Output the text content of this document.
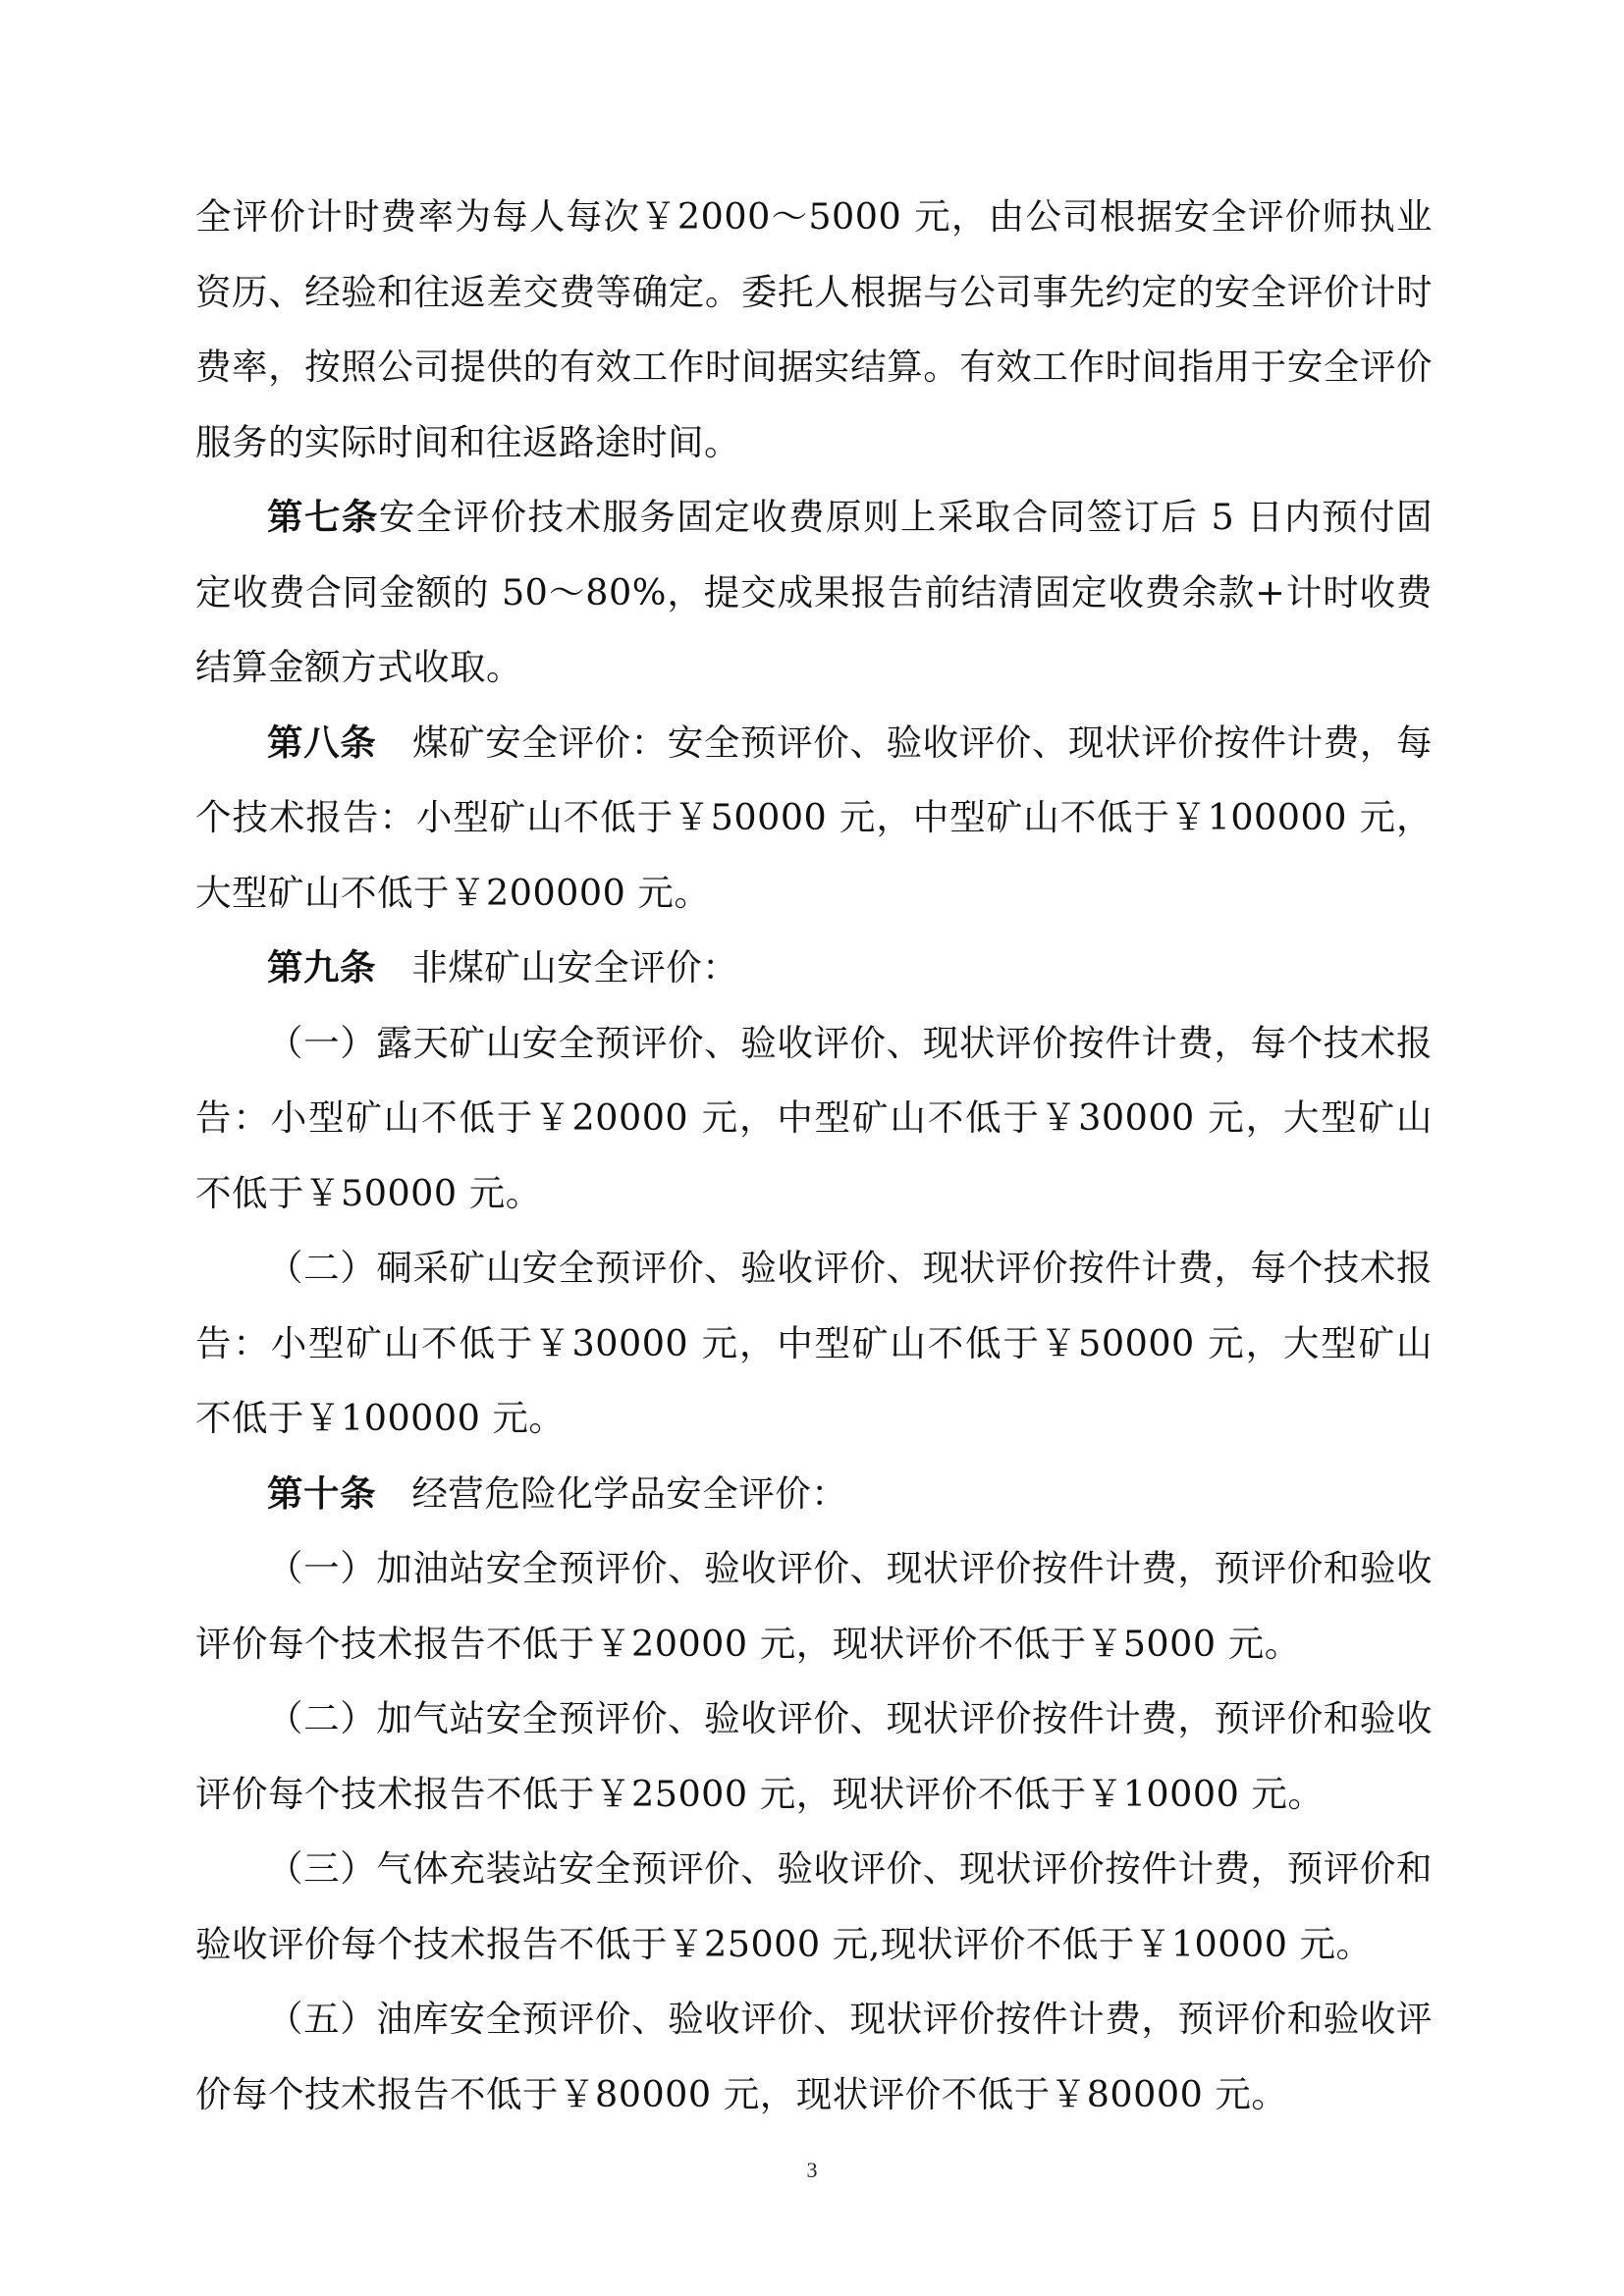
全评价计时费率为每人每次￥2000～5000 元，由公司根据安全评价师执业资历、经验和往返差交费等确定。委托人根据与公司事先约定的安全评价计时费率，按照公司提供的有效工作时间据实结算。有效工作时间指用于安全评价服务的实际时间和往返路途时间。

第七条安全评价技术服务固定收费原则上采取合同签订后 5 日内预付固定收费合同金额的 50～80%，提交成果报告前结清固定收费余款+计时收费结算金额方式收取。

第八条 煤矿安全评价：安全预评价、验收评价、现状评价按件计费，每个技术报告：小型矿山不低于￥50000 元，中型矿山不低于￥100000 元，大型矿山不低于￥200000 元。

第九条 非煤矿山安全评价：

（一）露天矿山安全预评价、验收评价、现状评价按件计费，每个技术报告：小型矿山不低于￥20000 元，中型矿山不低于￥30000 元，大型矿山不低于￥50000 元。

（二）硐采矿山安全预评价、验收评价、现状评价按件计费，每个技术报告：小型矿山不低于￥30000 元，中型矿山不低于￥50000 元，大型矿山不低于￥100000 元。

第十条 经营危险化学品安全评价：

（一）加油站安全预评价、验收评价、现状评价按件计费，预评价和验收评价每个技术报告不低于￥20000 元，现状评价不低于￥5000 元。

（二）加气站安全预评价、验收评价、现状评价按件计费，预评价和验收评价每个技术报告不低于￥25000 元，现状评价不低于￥10000 元。

（三）气体充装站安全预评价、验收评价、现状评价按件计费，预评价和验收评价每个技术报告不低于￥25000 元,现状评价不低于￥10000 元。

（五）油库安全预评价、验收评价、现状评价按件计费，预评价和验收评价每个技术报告不低于￥80000 元，现状评价不低于￥80000 元。

3
